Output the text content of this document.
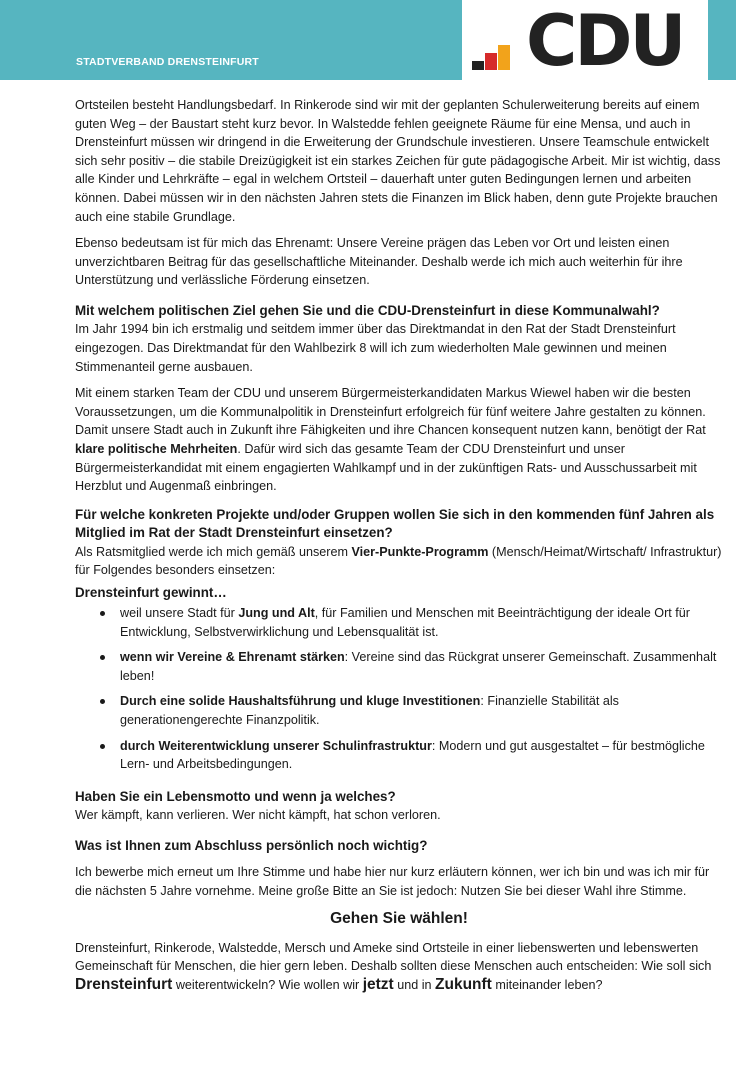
STADTVERBAND DRENSTEINFURT	CDU

Ortsteilen besteht Handlungsbedarf. In Rinkerode sind wir mit der geplanten Schulerweiterung bereits auf einem guten Weg – der Baustart steht kurz bevor. In Walstedde fehlen geeignete Räume für eine Mensa, und auch in Drensteinfurt müssen wir dringend in die Erweiterung der Grundschule investieren. Unsere Teamschule entwickelt sich sehr positiv – die stabile Dreizügigkeit ist ein starkes Zeichen für gute pädagogische Arbeit. Mir ist wichtig, dass alle Kinder und Lehrkräfte – egal in welchem Ortsteil – dauerhaft unter guten Bedingungen lernen und arbeiten können. Dabei müssen wir in den nächsten Jahren stets die Finanzen im Blick haben, denn gute Projekte brauchen auch eine stabile Grundlage.

Ebenso bedeutsam ist für mich das Ehrenamt: Unsere Vereine prägen das Leben vor Ort und leisten einen unverzichtbaren Beitrag für das gesellschaftliche Miteinander. Deshalb werde ich mich auch weiterhin für ihre Unterstützung und verlässliche Förderung einsetzen.

Mit welchem politischen Ziel gehen Sie und die CDU-Drensteinfurt in diese Kommunalwahl?

Im Jahr 1994 bin ich erstmalig und seitdem immer über das Direktmandat in den Rat der Stadt Drensteinfurt eingezogen. Das Direktmandat für den Wahlbezirk 8 will ich zum wiederholten Male gewinnen und meinen Stimmenanteil gerne ausbauen.

Mit einem starken Team der CDU und unserem Bürgermeisterkandidaten Markus Wiewel haben wir die besten Voraussetzungen, um die Kommunalpolitik in Drensteinfurt erfolgreich für fünf weitere Jahre gestalten zu können. Damit unsere Stadt auch in Zukunft ihre Fähigkeiten und ihre Chancen konsequent nutzen kann, benötigt der Rat klare politische Mehrheiten. Dafür wird sich das gesamte Team der CDU Drensteinfurt und unser Bürgermeisterkandidat mit einem engagierten Wahlkampf und in der zukünftigen Rats- und Ausschussarbeit mit Herzblut und Augenmaß einbringen.

Für welche konkreten Projekte und/oder Gruppen wollen Sie sich in den kommenden fünf Jahren als Mitglied im Rat der Stadt Drensteinfurt einsetzen?

Als Ratsmitglied werde ich mich gemäß unserem Vier-Punkte-Programm (Mensch/Heimat/Wirtschaft/ Infrastruktur) für Folgendes besonders einsetzen:

Drensteinfurt gewinnt…
weil unsere Stadt für Jung und Alt, für Familien und Menschen mit Beeinträchtigung der ideale Ort für Entwicklung, Selbstverwirklichung und Lebensqualität ist.
wenn wir Vereine & Ehrenamt stärken: Vereine sind das Rückgrat unserer Gemeinschaft. Zusammenhalt leben!
Durch eine solide Haushaltsführung und kluge Investitionen: Finanzielle Stabilität als generationengerechte Finanzpolitik.
durch Weiterentwicklung unserer Schulinfrastruktur: Modern und gut ausgestaltet – für bestmögliche Lern- und Arbeitsbedingungen.
Haben Sie ein Lebensmotto und wenn ja welches?

Wer kämpft, kann verlieren. Wer nicht kämpft, hat schon verloren.

Was ist Ihnen zum Abschluss persönlich noch wichtig?

Ich bewerbe mich erneut um Ihre Stimme und habe hier nur kurz erläutern können, wer ich bin und was ich mir für die nächsten 5 Jahre vornehme. Meine große Bitte an Sie ist jedoch: Nutzen Sie bei dieser Wahl ihre Stimme.

Gehen Sie wählen!

Drensteinfurt, Rinkerode, Walstedde, Mersch und Ameke sind Ortsteile in einer liebenswerten und lebenswerten Gemeinschaft für Menschen, die hier gern leben. Deshalb sollten diese Menschen auch entscheiden: Wie soll sich Drensteinfurt weiterentwickeln? Wie wollen wir jetzt und in Zukunft miteinander leben?
